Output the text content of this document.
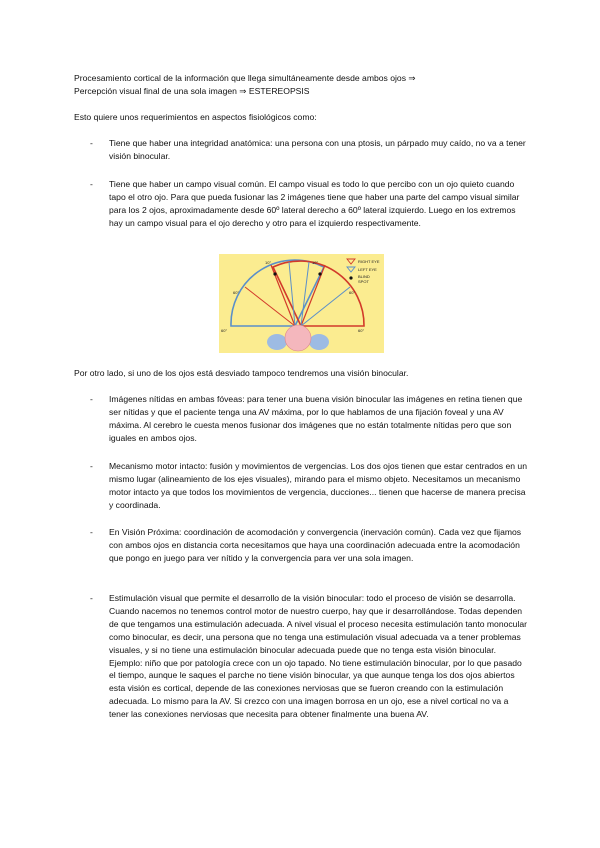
Procesamiento cortical de la información que llega simultáneamente desde ambos ojos ⇒

Percepción visual final de una sola imagen ⇒ ESTEREOPSIS

Esto quiere unos requerimientos en aspectos fisiológicos como:

- Tiene que haber una integridad anatómica: una persona con una ptosis, un párpado muy caído, no va a tener visión binocular.

- Tiene que haber un campo visual común. El campo visual es todo lo que percibo con un ojo quieto cuando tapo el otro ojo. Para que pueda fusionar las 2 imágenes tiene que haber una parte del campo visual similar para los 2 ojos, aproximadamente desde 60º lateral derecho a 60º lateral izquierdo. Luego en los extremos hay un campo visual para el ojo derecho y otro para el izquierdo respectivamente.

10°	10°
60°	60°
60°	60°
RIGHT EYE
LEFT EYE
BLIND
SPOT

Por otro lado, si uno de los ojos está desviado tampoco tendremos una visión binocular.

- Imágenes nítidas en ambas fóveas: para tener una buena visión binocular las imágenes en retina tienen que ser nítidas y que el paciente tenga una AV máxima, por lo que hablamos de una fijación foveal y una AV máxima. Al cerebro le cuesta menos fusionar dos imágenes que no están totalmente nítidas pero que son iguales en ambos ojos.

- Mecanismo motor intacto: fusión y movimientos de vergencias. Los dos ojos tienen que estar centrados en un mismo lugar (alineamiento de los ejes visuales), mirando para el mismo objeto. Necesitamos un mecanismo motor intacto ya que todos los movimientos de vergencia, ducciones... tienen que hacerse de manera precisa y coordinada.

- En Visión Próxima: coordinación de acomodación y convergencia (inervación común). Cada vez que fijamos con ambos ojos en distancia corta necesitamos que haya una coordinación adecuada entre la acomodación que pongo en juego para ver nítido y la convergencia para ver una sola imagen.

- Estimulación visual que permite el desarrollo de la visión binocular: todo el proceso de visión se desarrolla. Cuando nacemos no tenemos control motor de nuestro cuerpo, hay que ir desarrollándose. Todas dependen de que tengamos una estimulación adecuada. A nivel visual el proceso necesita estimulación tanto monocular como binocular, es decir, una persona que no tenga una estimulación visual adecuada va a tener problemas visuales, y si no tiene una estimulación binocular adecuada puede que no tenga esta visión binocular. Ejemplo: niño que por patología crece con un ojo tapado. No tiene estimulación binocular, por lo que pasado el tiempo, aunque le saques el parche no tiene visión binocular, ya que aunque tenga los dos ojos abiertos esta visión es cortical, depende de las conexiones nerviosas que se fueron creando con la estimulación adecuada. Lo mismo para la AV. Si crezco con una imagen borrosa en un ojo, ese a nivel cortical no va a tener las conexiones nerviosas que necesita para obtener finalmente una buena AV.
